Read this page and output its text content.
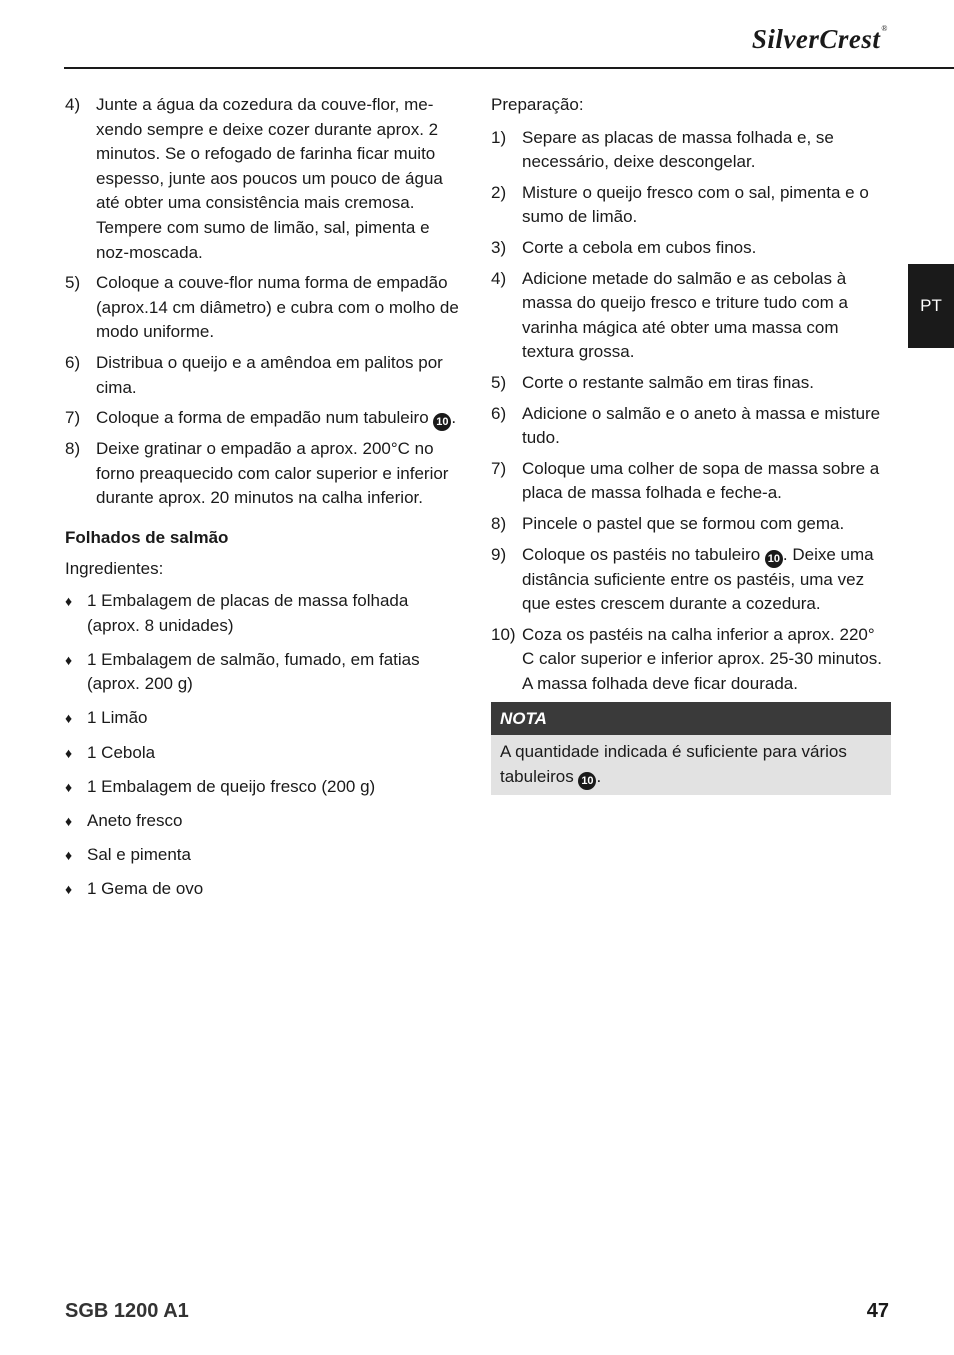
SilverCrest®
PT
4) Junte a água da cozedura da couve-flor, mexendo sempre e deixe cozer durante aprox. 2 minutos. Se o refogado de farinha ficar muito espesso, junte aos poucos um pouco de água até obter uma consistência mais cremosa. Tempere com sumo de limão, sal, pimenta e noz-moscada.
5) Coloque a couve-flor numa forma de empadão (aprox.14 cm diâmetro) e cubra com o molho de modo uniforme.
6) Distribua o queijo e a amêndoa em palitos por cima.
7) Coloque a forma de empadão num tabuleiro 10 .
8) Deixe gratinar o empadão a aprox. 200°C no forno preaquecido com calor superior e inferior durante aprox. 20 minutos na calha inferior.
Folhados de salmão
Ingredientes:
♦ 1 Embalagem de placas de massa folhada (aprox. 8 unidades)
♦ 1 Embalagem de salmão, fumado, em fatias (aprox. 200 g)
♦ 1 Limão
♦ 1 Cebola
♦ 1 Embalagem de queijo fresco (200 g)
♦ Aneto fresco
♦ Sal e pimenta
♦ 1 Gema de ovo
Preparação:
1) Separe as placas de massa folhada e, se necessário, deixe descongelar.
2) Misture o queijo fresco com o sal, pimenta e o sumo de limão.
3) Corte a cebola em cubos finos.
4) Adicione metade do salmão e as cebolas à massa do queijo fresco e triture tudo com a varinha mágica até obter uma massa com textura grossa.
5) Corte o restante salmão em tiras finas.
6) Adicione o salmão e o aneto à massa e misture tudo.
7) Coloque uma colher de sopa de massa sobre a placa de massa folhada e feche-a.
8) Pincele o pastel que se formou com gema.
9) Coloque os pastéis no tabuleiro 10 . Deixe uma distância suficiente entre os pastéis, uma vez que estes crescem durante a cozedura.
10) Coza os pastéis na calha inferior a aprox. 220° C calor superior e inferior aprox. 25-30 minutos. A massa folhada deve ficar dourada.
NOTA
A quantidade indicada é suficiente para vários tabuleiros 10 .
SGB 1200 A1	47
